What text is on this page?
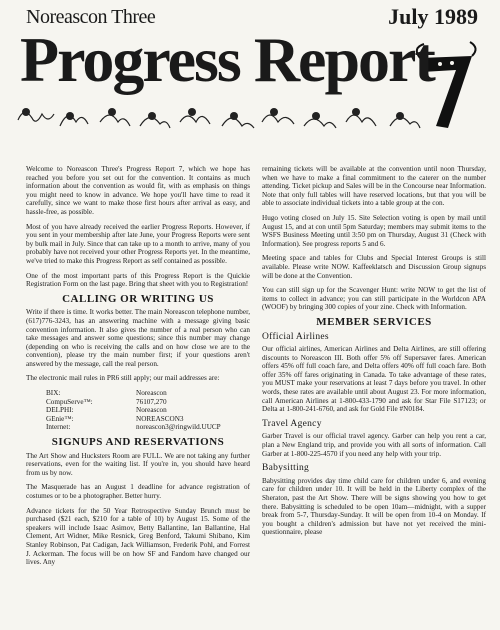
Noreascon Three	July 1989
Progress Report

Welcome to Noreascon Three's Progress Report 7, which we hope has reached you before you set out for the convention. It contains as much information about the convention as would fit, with as emphasis on things you might need to know in advance. We hope you'll have time to read it carefully, since we want to make those first hours after arrival as easy, and hassle-free, as possible.

Most of you have already received the earlier Progress Reports. However, if you sent in your membership after late June, your Progress Reports were sent by bulk mail in July. Since that can take up to a month to arrive, many of you probably have not received your other Progress Reports yet. In the meantime, we've tried to make this Progress Report as self contained as possible.

One of the most important parts of this Progress Report is the Quickie Registration Form on the last page. Bring that sheet with you to Registration!

CALLING OR WRITING US

Write if there is time. It works better. The main Noreascon telephone number, (617)776-3243, has an answering machine with a message giving basic convention information. It also gives the number of a real person who can take messages and answer some questions; since this number may change (depending on who is receiving the calls and on how close we are to the convention), please try the main number first; if your questions aren't answered by the message, call the real person.

The electronic mail rules in PR6 still apply; our mail addresses are:

BIX:	Noreascon
CompuServe™:	76107,270
DELPHI:	Noreascon
GEnie™:	NOREASCON3
Internet:	noreascon3@ringwild.UUCP
SIGNUPS AND RESERVATIONS

The Art Show and Hucksters Room are FULL. We are not taking any further reservations, even for the waiting list. If you're in, you should have heard from us by now.

The Masquerade has an August 1 deadline for advance registration of costumes or to be a photographer. Better hurry.

Advance tickets for the 50 Year Retrospective Sunday Brunch must be purchased ($21 each, $210 for a table of 10) by August 15. Some of the speakers will include Isaac Asimov, Betty Ballantine, Ian Ballantine, Hal Clement, Art Widner, Mike Resnick, Greg Benford, Takumi Shibano, Kim Stanley Robinson, Pat Cadigan, Jack Williamson, Frederik Pohl, and Forrest J. Ackerman. The focus will be on how SF and Fandom have changed our lives. Any

remaining tickets will be available at the convention until noon Thursday, when we have to make a final commitment to the caterer on the number attending. Ticket pickup and Sales will be in the Concourse near Information. Note that only full tables will have reserved locations, but that you will be able to associate individual tickets into a table group at the con.

Hugo voting closed on July 15. Site Selection voting is open by mail until August 15, and at con until 5pm Saturday; members may submit items to the WSFS Business Meeting until 3:50 pm on Thursday, August 31 (Check with Information). See progress reports 5 and 6.

Meeting space and tables for Clubs and Special Interest Groups is still available. Please write NOW. Kaffeeklatsch and Discussion Group signups will be done at the Convention.

You can still sign up for the Scavenger Hunt: write NOW to get the list of items to collect in advance; you can still participate in the Worldcon APA (WOOF) by bringing 300 copies of your zine. Check with Information.

MEMBER SERVICES
Official Airlines

Our official airlines, American Airlines and Delta Airlines, are still offering discounts to Noreascon III. Both offer 5% off Supersaver fares. American offers 45% off full coach fare, and Delta offers 40% off full coach fare. Both offer 35% off fares originating in Canada. To take advantage of these rates, you MUST make your reservations at least 7 days before you travel. In other words, these rates are available until about August 23. For more information, call American Airlines at 1-800-433-1790 and ask for Star File S17123; or Delta at 1-800-241-6760, and ask for Gold File #N0184.

Travel Agency

Garber Travel is our official travel agency. Garber can help you rent a car, plan a New England trip, and provide you with all sorts of information. Call Garber at 1-800-225-4570 if you need any help with your trip.

Babysitting

Babysitting provides day time child care for children under 6, and evening care for children under 10. It will be held in the Liberty complex of the Sheraton, past the Art Show. There will be signs showing you how to get there. Babysitting is scheduled to be open 10am—midnight, with a supper break from 5-7, Thursday-Sunday. It will be open from 10-4 on Monday. If you bought a children's admission but have not yet received the mini-questionnaire, please
